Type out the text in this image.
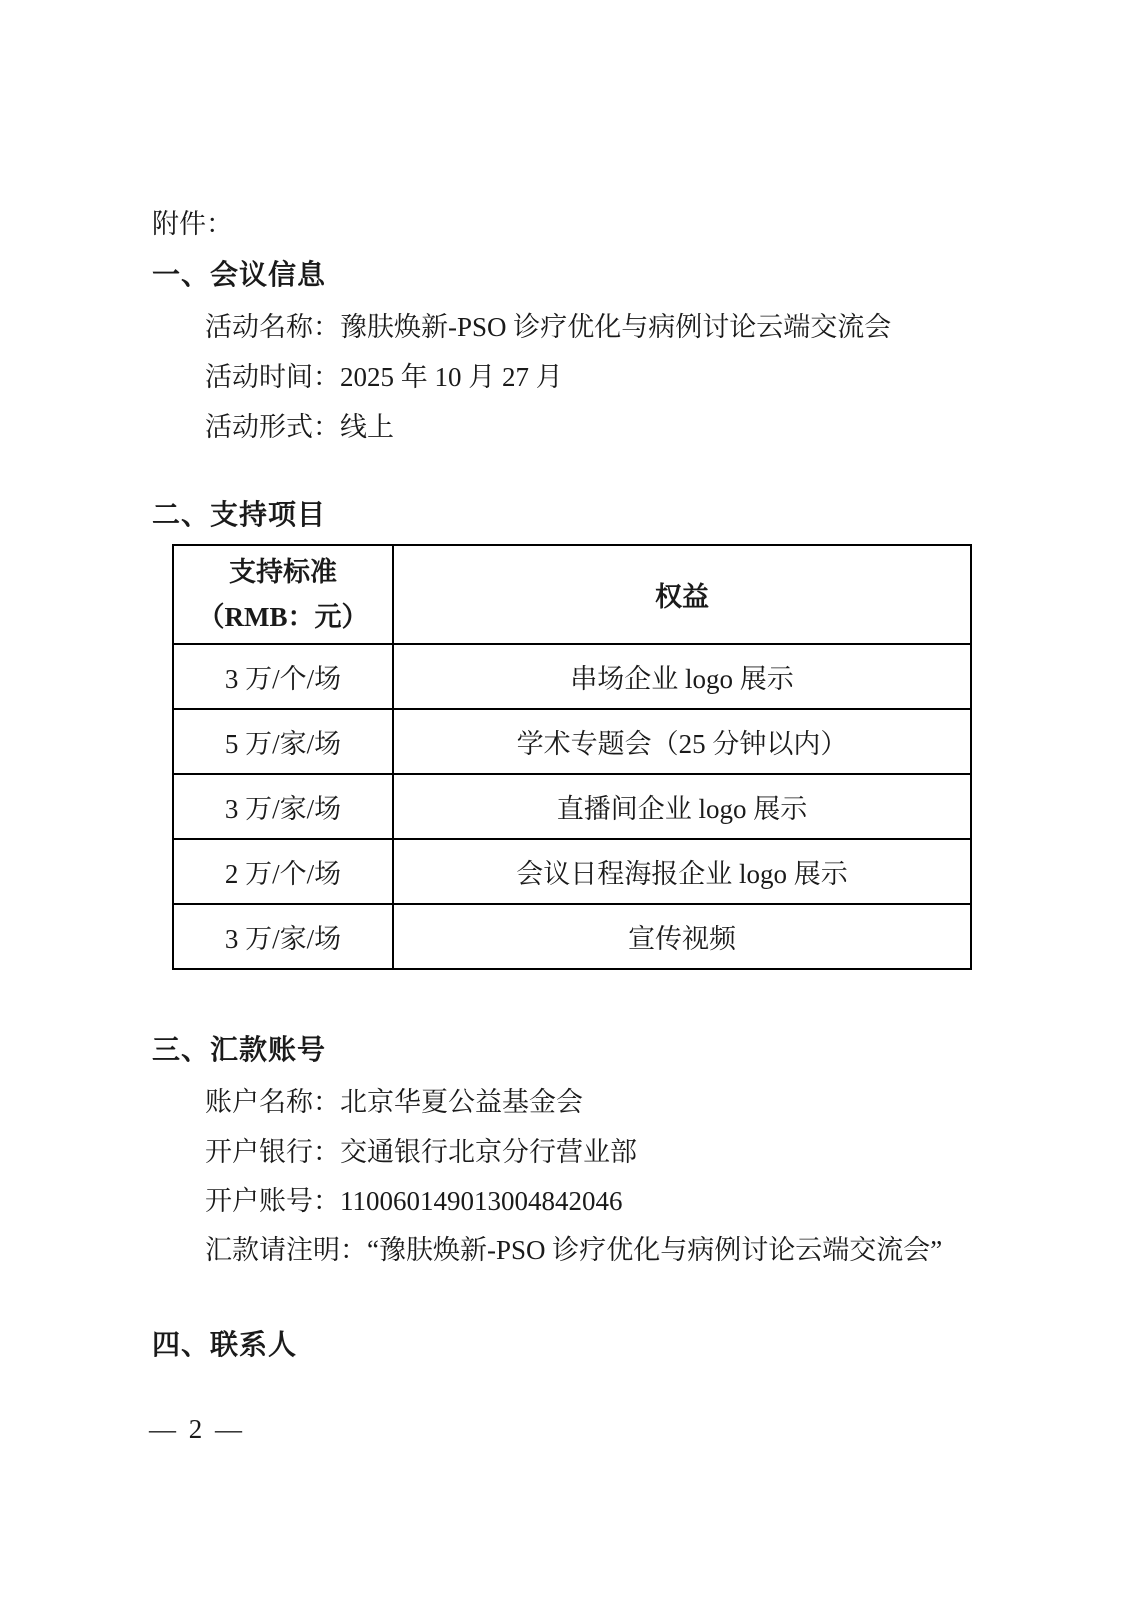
附件：
一、会议信息
活动名称：豫肤焕新-PSO 诊疗优化与病例讨论云端交流会
活动时间：2025 年 10 月 27 月
活动形式：线上
二、支持项目
支持标准
（RMB：元）	权益
3 万/个/场	串场企业 logo 展示
5 万/家/场	学术专题会（25 分钟以内）
3 万/家/场	直播间企业 logo 展示
2 万/个/场	会议日程海报企业 logo 展示
3 万/家/场	宣传视频
三、汇款账号
账户名称：北京华夏公益基金会
开户银行：交通银行北京分行营业部
开户账号：110060149013004842046
汇款请注明：“豫肤焕新-PSO 诊疗优化与病例讨论云端交流会”
四、联系人
— 2 —
